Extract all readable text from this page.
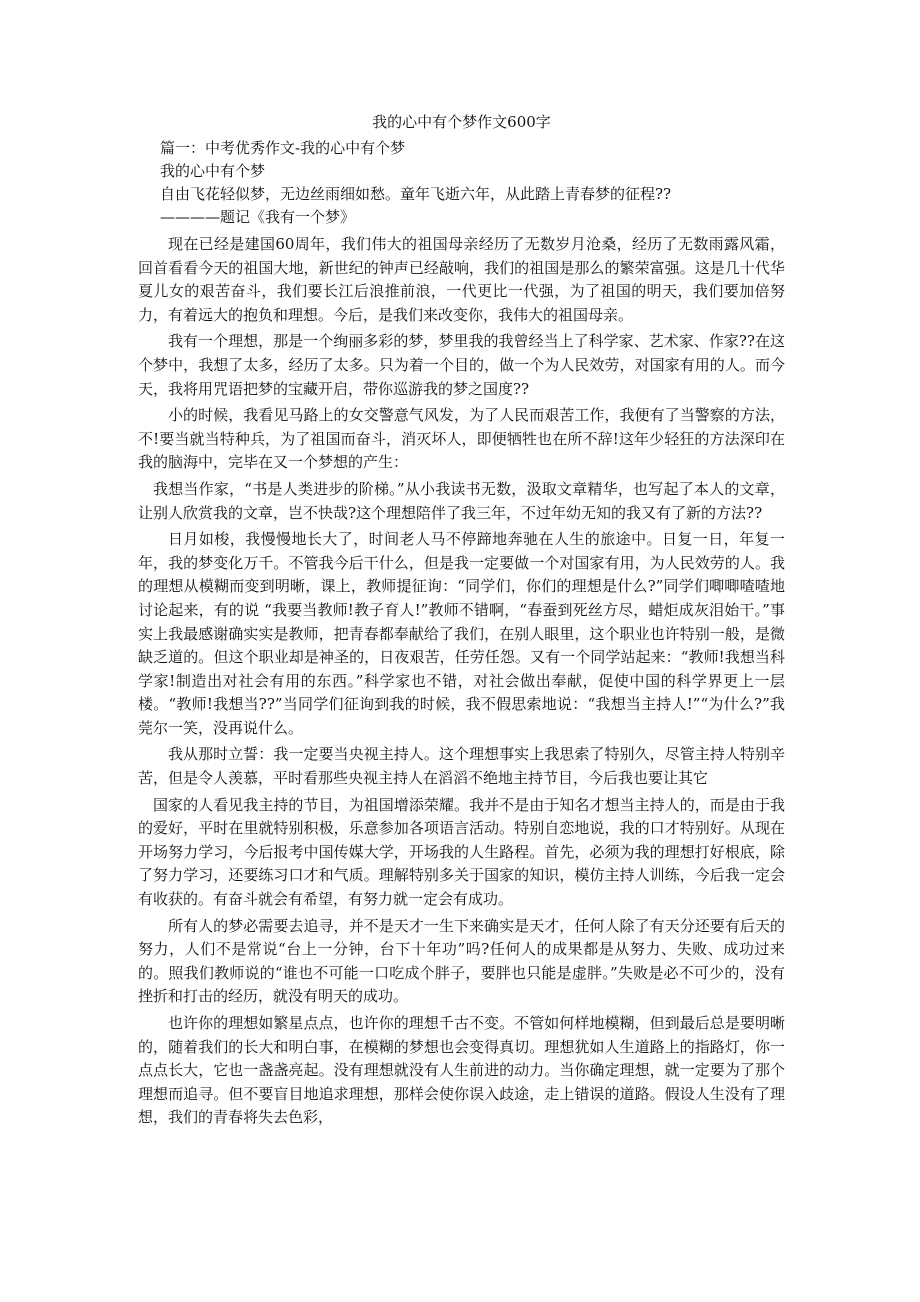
我的心中有个梦作文600字
篇一：中考优秀作文-我的心中有个梦
我的心中有个梦
自由飞花轻似梦，无边丝雨细如愁。童年飞逝六年，从此踏上青春梦的征程??
————题记《我有一个梦》

现在已经是建国60周年，我们伟大的祖国母亲经历了无数岁月沧桑，经历了无数雨露风霜，回首看看今天的祖国大地，新世纪的钟声已经敲响，我们的祖国是那么的繁荣富强。这是几十代华夏儿女的艰苦奋斗，我们要长江后浪推前浪，一代更比一代强，为了祖国的明天，我们要加倍努力，有着远大的抱负和理想。今后，是我们来改变你，我伟大的祖国母亲。

我有一个理想，那是一个绚丽多彩的梦，梦里我的我曾经当上了科学家、艺术家、作家??在这个梦中，我想了太多，经历了太多。只为着一个目的，做一个为人民效劳，对国家有用的人。而今天，我将用咒语把梦的宝藏开启，带你巡游我的梦之国度??

小的时候，我看见马路上的女交警意气风发，为了人民而艰苦工作，我便有了当警察的方法，不!要当就当特种兵，为了祖国而奋斗，消灭坏人，即便牺牲也在所不辞!这年少轻狂的方法深印在我的脑海中，完毕在又一个梦想的产生：

我想当作家，“书是人类进步的阶梯。”从小我读书无数，汲取文章精华，也写起了本人的文章，让别人欣赏我的文章，岂不快哉?这个理想陪伴了我三年，不过年幼无知的我又有了新的方法??

日月如梭，我慢慢地长大了，时间老人马不停蹄地奔驰在人生的旅途中。日复一日，年复一年，我的梦变化万千。不管我今后干什么，但是我一定要做一个对国家有用，为人民效劳的人。我的理想从模糊而变到明晰，课上，教师提征询：“同学们，你们的理想是什么?”同学们唧唧喳喳地讨论起来，有的说 “我要当教师!教子育人!”教师不错啊，“春蚕到死丝方尽，蜡炬成灰泪始干。”事实上我最感谢确实实是教师，把青春都奉献给了我们，在别人眼里，这个职业也许特别一般，是微缺乏道的。但这个职业却是神圣的，日夜艰苦，任劳任怨。又有一个同学站起来：“教师!我想当科学家!制造出对社会有用的东西。”科学家也不错，对社会做出奉献，促使中国的科学界更上一层楼。“教师!我想当??”当同学们征询到我的时候，我不假思索地说：“我想当主持人!”“为什么?”我莞尔一笑，没再说什么。

我从那时立誓：我一定要当央视主持人。这个理想事实上我思索了特别久，尽管主持人特别辛苦，但是令人羡慕，平时看那些央视主持人在滔滔不绝地主持节目，今后我也要让其它

国家的人看见我主持的节目，为祖国增添荣耀。我并不是由于知名才想当主持人的，而是由于我的爱好，平时在里就特别积极，乐意参加各项语言活动。特别自恋地说，我的口才特别好。从现在开场努力学习，今后报考中国传媒大学，开场我的人生路程。首先，必须为我的理想打好根底，除了努力学习，还要练习口才和气质。理解特别多关于国家的知识，模仿主持人训练，今后我一定会有收获的。有奋斗就会有希望，有努力就一定会有成功。

所有人的梦必需要去追寻，并不是天才一生下来确实是天才，任何人除了有天分还要有后天的努力，人们不是常说“台上一分钟，台下十年功”吗?任何人的成果都是从努力、失败、成功过来的。照我们教师说的“谁也不可能一口吃成个胖子，要胖也只能是虚胖。”失败是必不可少的，没有挫折和打击的经历，就没有明天的成功。

也许你的理想如繁星点点，也许你的理想千古不变。不管如何样地模糊，但到最后总是要明晰的，随着我们的长大和明白事，在模糊的梦想也会变得真切。理想犹如人生道路上的指路灯，你一点点长大，它也一盏盏亮起。没有理想就没有人生前进的动力。当你确定理想，就一定要为了那个理想而追寻。但不要盲目地追求理想，那样会使你误入歧途，走上错误的道路。假设人生没有了理想，我们的青春将失去色彩，
